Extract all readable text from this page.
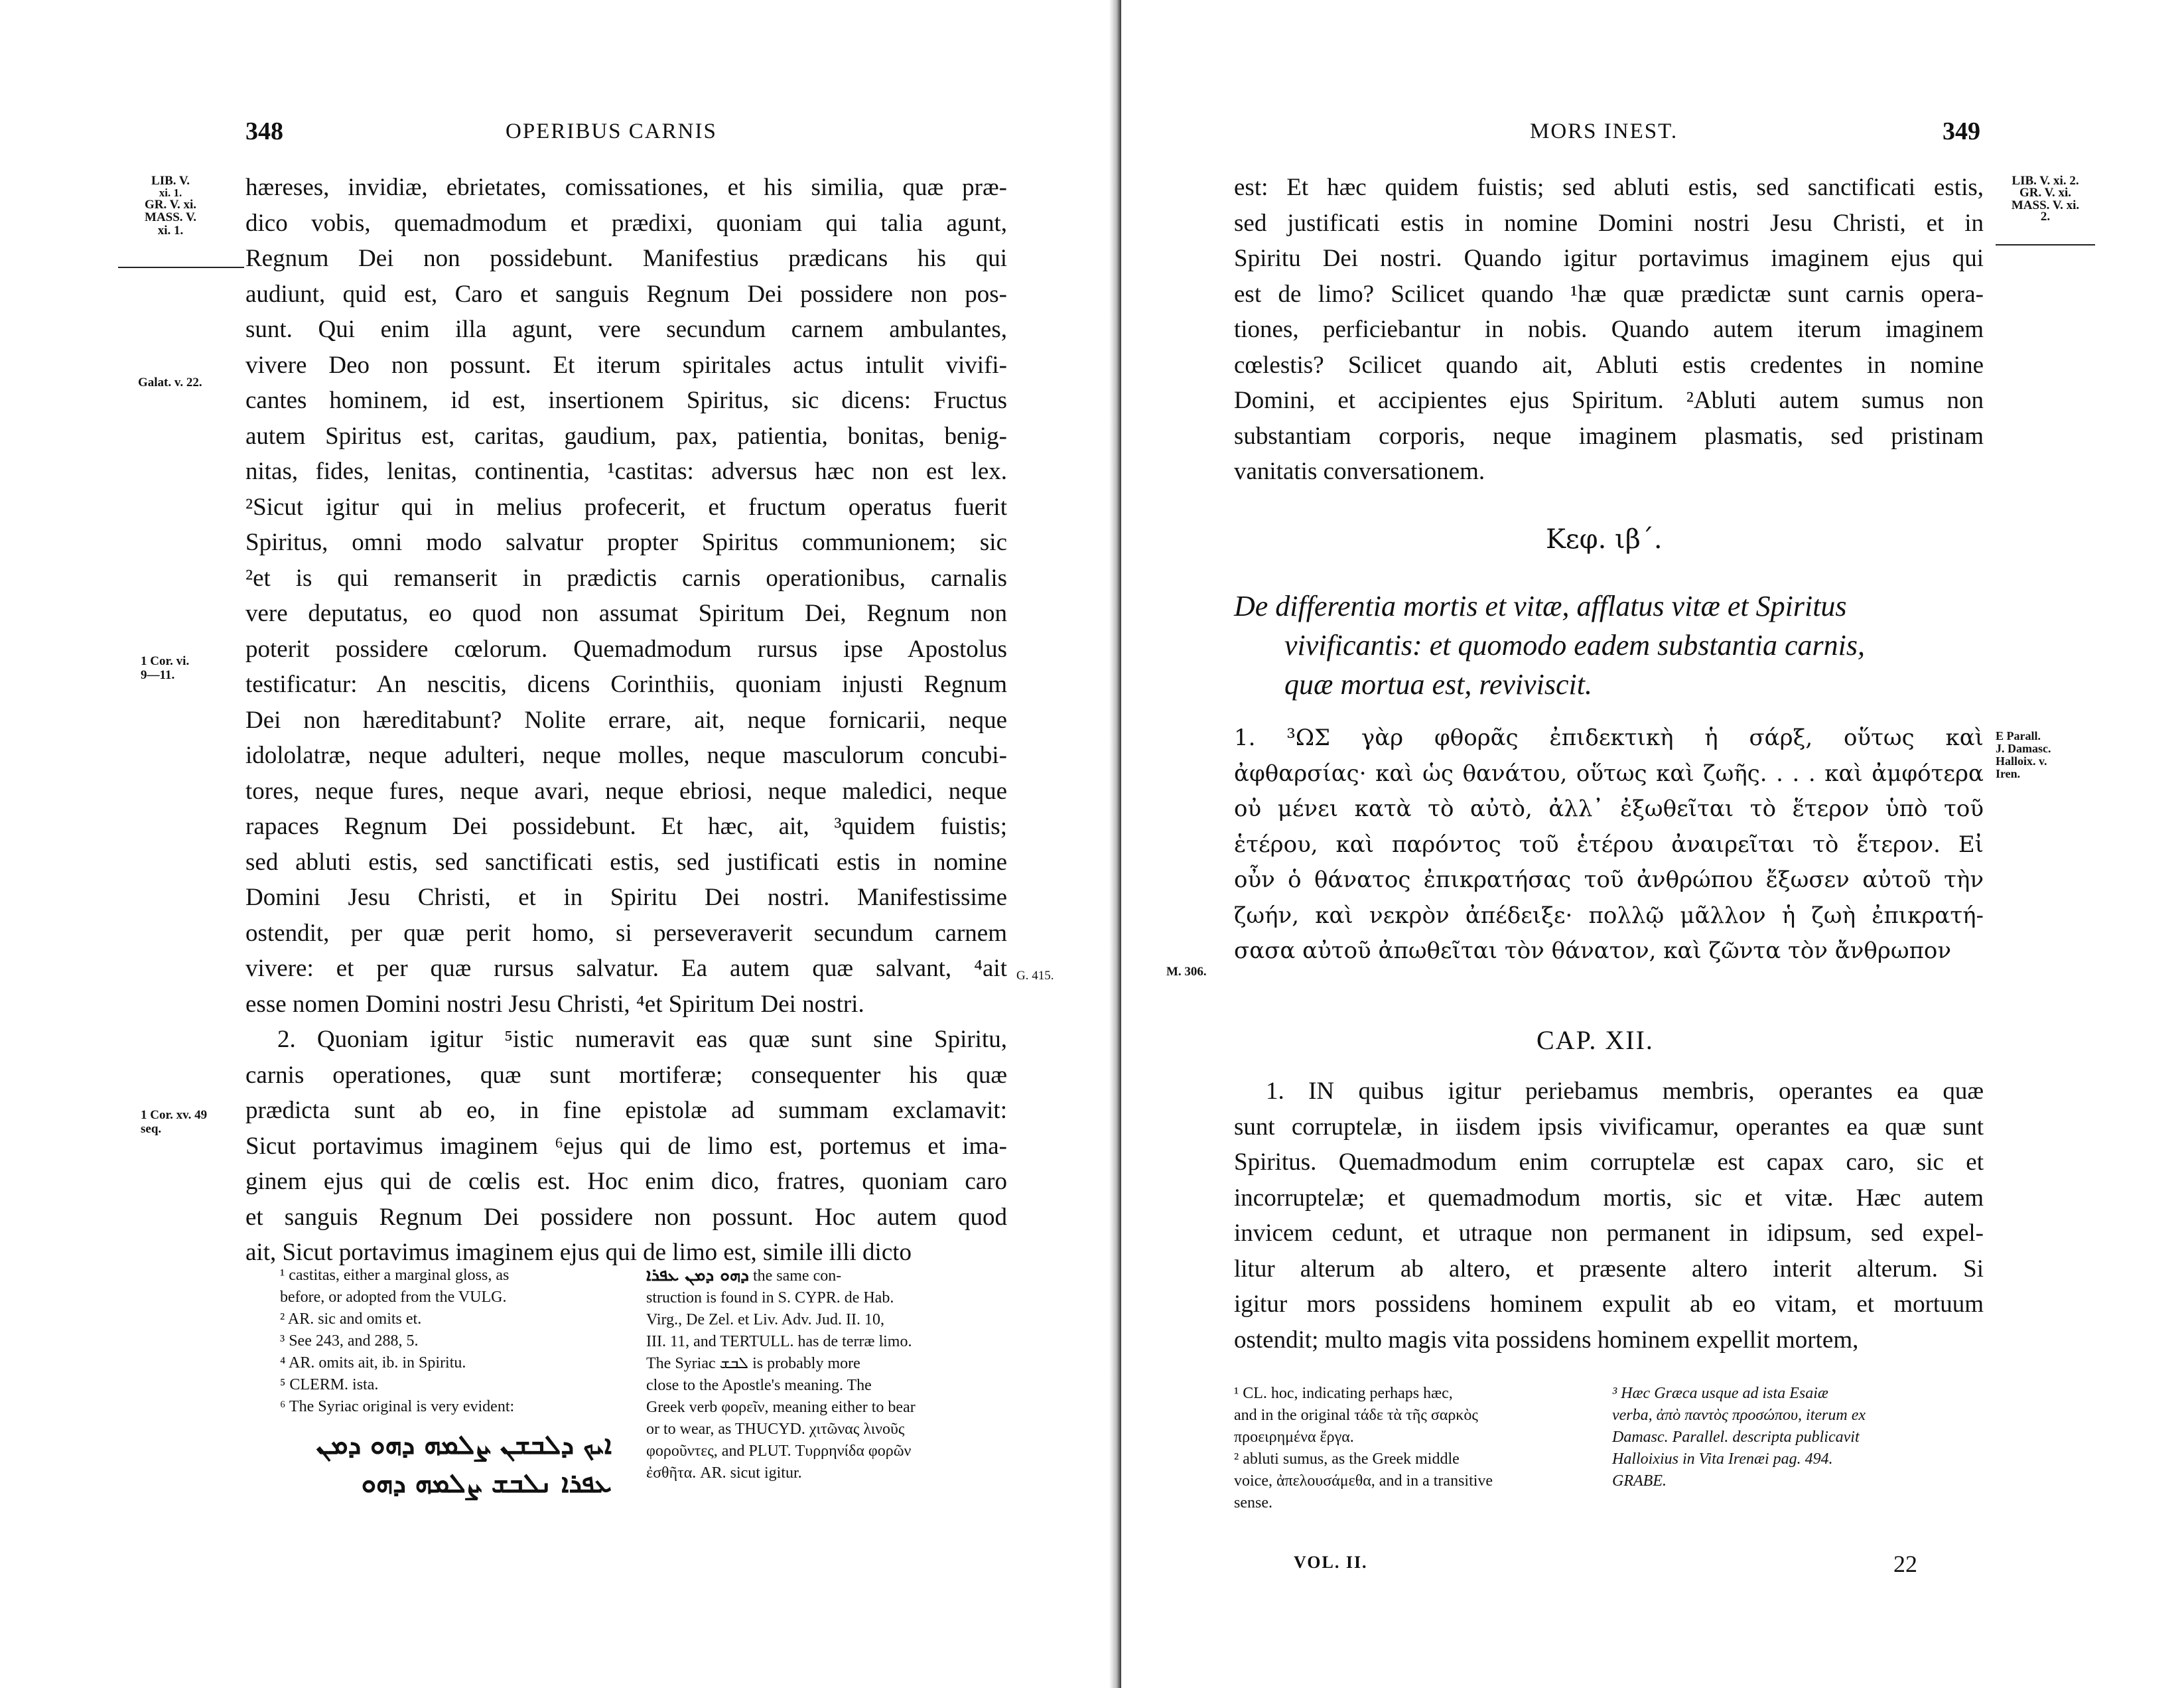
348	OPERIBUS CARNIS
LIB. V.
xi. 1.
GR. V. xi.
MASS. V.
xi. 1.
Galat. v. 22.
1 Cor. vi.
9—11.
G. 415.
1 Cor. xv. 49
seq.
hæreses, invidiæ, ebrietates, comissationes, et his similia, quæ præ-
dico vobis, quemadmodum et prædixi, quoniam qui talia agunt,
Regnum Dei non possidebunt. Manifestius prædicans his qui
audiunt, quid est, Caro et sanguis Regnum Dei possidere non pos-
sunt. Qui enim illa agunt, vere secundum carnem ambulantes,
vivere Deo non possunt. Et iterum spiritales actus intulit vivifi-
cantes hominem, id est, insertionem Spiritus, sic dicens: Fructus
autem Spiritus est, caritas, gaudium, pax, patientia, bonitas, benig-
nitas, fides, lenitas, continentia, ¹castitas: adversus hæc non est lex.
²Sicut igitur qui in melius profecerit, et fructum operatus fuerit
Spiritus, omni modo salvatur propter Spiritus communionem; sic
²et is qui remanserit in prædictis carnis operationibus, carnalis
vere deputatus, eo quod non assumat Spiritum Dei, Regnum non
poterit possidere cœlorum. Quemadmodum rursus ipse Apostolus
testificatur: An nescitis, dicens Corinthiis, quoniam injusti Regnum
Dei non hæreditabunt? Nolite errare, ait, neque fornicarii, neque
idololatræ, neque adulteri, neque molles, neque masculorum concubi-
tores, neque fures, neque avari, neque ebriosi, neque maledici, neque
rapaces Regnum Dei possidebunt. Et hæc, ait, ³quidem fuistis;
sed abluti estis, sed sanctificati estis, sed justificati estis in nomine
Domini Jesu Christi, et in Spiritu Dei nostri. Manifestissime
ostendit, per quæ perit homo, si perseveraverit secundum carnem
vivere: et per quæ rursus salvatur. Ea autem quæ salvant, ⁴ait
esse nomen Domini nostri Jesu Christi, ⁴et Spiritum Dei nostri.
2. Quoniam igitur ⁵istic numeravit eas quæ sunt sine Spiritu,
carnis operationes, quæ sunt mortiferæ; consequenter his quæ
prædicta sunt ab eo, in fine epistolæ ad summam exclamavit:
Sicut portavimus imaginem ⁶ejus qui de limo est, portemus et ima-
ginem ejus qui de cœlis est. Hoc enim dico, fratres, quoniam caro
et sanguis Regnum Dei possidere non possunt. Hoc autem quod
ait, Sicut portavimus imaginem ejus qui de limo est, simile illi dicto
¹ castitas, either a marginal gloss, as
before, or adopted from the VULG.
² AR. sic and omits et.
³ See 243, and 288, 5.
⁴ AR. omits ait, ib. in Spiritu.
⁵ CLERM. ista.
⁶ The Syriac original is very evident:
ܐܝܟ ܕܠܒܫܢ ܨܠܡܗ ܕܗܘ ܕܡܢ
ܥܦܪܐ ܢܠܒܫ ܨܠܡܗ ܕܗܘ
ܕܗܘ ܕܡܢ ܥܦܪܐ the same con-
struction is found in S. CYPR. de Hab.
Virg., De Zel. et Liv. Adv. Jud. II. 10,
III. 11, and TERTULL. has de terræ limo.
The Syriac ܠܒܫ is probably more
close to the Apostle's meaning. The
Greek verb φορεῖν, meaning either to bear
or to wear, as THUCYD. χιτῶνας λινοῦς
φοροῦντες, and PLUT. Τυρρηνίδα φορῶν
ἐσθῆτα. AR. sicut igitur.
MORS INEST.	349
LIB. V. xi. 2.
GR. V. xi.
MASS. V. xi.
2.
est: Et hæc quidem fuistis; sed abluti estis, sed sanctificati estis,
sed justificati estis in nomine Domini nostri Jesu Christi, et in
Spiritu Dei nostri. Quando igitur portavimus imaginem ejus qui
est de limo? Scilicet quando ¹hæ quæ prædictæ sunt carnis opera-
tiones, perficiebantur in nobis. Quando autem iterum imaginem
cœlestis? Scilicet quando ait, Abluti estis credentes in nomine
Domini, et accipientes ejus Spiritum. ²Abluti autem sumus non
substantiam corporis, neque imaginem plasmatis, sed pristinam
vanitatis conversationem.
Κεφ. ιβ΄.
De differentia mortis et vitæ, afflatus vitæ et Spiritus
vivificantis: et quomodo eadem substantia carnis,
quæ mortua est, reviviscit.
E Parall.
J. Damasc.
Halloix. v.
Iren.
M. 306.
1. ³ΩΣ γὰρ φθορᾶς ἐπιδεκτικὴ ἡ σάρξ, οὕτως καὶ
ἀφθαρσίας· καὶ ὡς θανάτου, οὕτως καὶ ζωῆς. . . . καὶ ἀμφότερα
οὐ μένει κατὰ τὸ αὐτὸ, ἀλλ᾽ ἐξωθεῖται τὸ ἕτερον ὑπὸ τοῦ
ἑτέρου, καὶ παρόντος τοῦ ἑτέρου ἀναιρεῖται τὸ ἕτερον. Εἰ
οὖν ὁ θάνατος ἐπικρατήσας τοῦ ἀνθρώπου ἔξωσεν αὐτοῦ τὴν
ζωήν, καὶ νεκρὸν ἀπέδειξε· πολλῷ μᾶλλον ἡ ζωὴ ἐπικρατή-
σασα αὐτοῦ ἀπωθεῖται τὸν θάνατον, καὶ ζῶντα τὸν ἄνθρωπον
CAP. XII.
1. IN quibus igitur periebamus membris, operantes ea quæ
sunt corruptelæ, in iisdem ipsis vivificamur, operantes ea quæ sunt
Spiritus. Quemadmodum enim corruptelæ est capax caro, sic et
incorruptelæ; et quemadmodum mortis, sic et vitæ. Hæc autem
invicem cedunt, et utraque non permanent in idipsum, sed expel-
litur alterum ab altero, et præsente altero interit alterum. Si
igitur mors possidens hominem expulit ab eo vitam, et mortuum
ostendit; multo magis vita possidens hominem expellit mortem,
¹ CL. hoc, indicating perhaps hæc,
and in the original τάδε τὰ τῆς σαρκὸς
προειρημένα ἔργα.
² abluti sumus, as the Greek middle
voice, ἀπελουσάμεθα, and in a transitive
sense.
³ Hæc Græca usque ad ista Esaiæ
verba, ἀπὸ παντὸς προσώπου, iterum ex
Damasc. Parallel. descripta publicavit
Halloixius in Vita Irenæi pag. 494.
GRABE.
VOL. II.	22
